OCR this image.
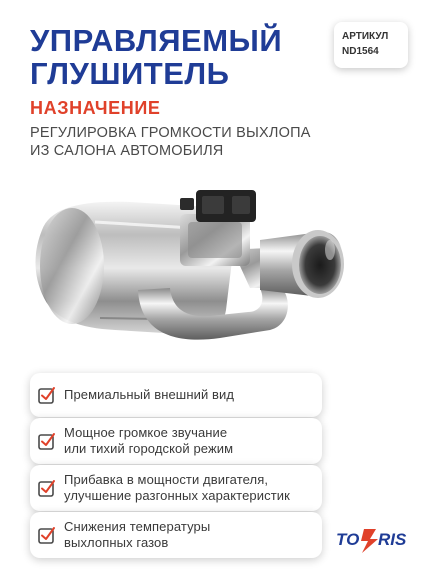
УПРАВЛЯЕМЫЙ
ГЛУШИТЕЛЬ
АРТИКУЛ
ND1564
НАЗНАЧЕНИЕ
РЕГУЛИРОВКА ГРОМКОСТИ ВЫХЛОПА
ИЗ САЛОНА АВТОМОБИЛЯ
Премиальный внешний вид
Мощное громкое звучание
или тихий городской режим
Прибавка в мощности двигателя,
улучшение разгонных характеристик
Снижения температуры
выхлопных газов	TO RIS
